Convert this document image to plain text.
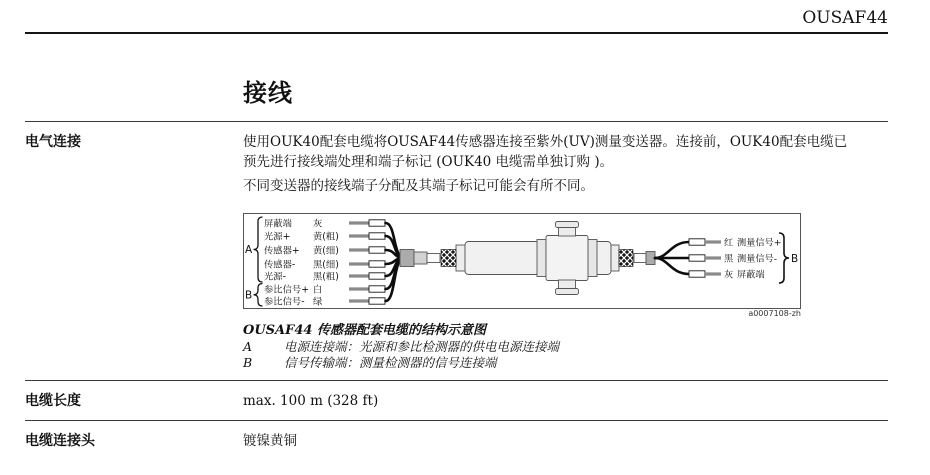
OUSAF44
接线
电气连接	使用OUK40配套电缆将OUSAF44传感器连接至紫外(UV)测量变送器。连接前，OUK40配套电缆已预先进行接线端处理和端子标记 (OUK40 电缆需单独订购 )。

不同变送器的接线端子分配及其端子标记可能会有所不同。

屏蔽端 灰
光源+ 黄(粗)
传感器+ 黄(细)
传感器- 黑(细)
光源-	黑(粗)
参比信号+ 白
参比信号- 绿
A
B
红 测量信号+
黑 测量信号-
灰 屏蔽端
B
a0007108-zh
OUSAF44 传感器配套电缆的结构示意图
A	电源连接端：光源和参比检测器的供电电源连接端
B	信号传输端：测量检测器的信号连接端
电缆长度	max. 100 m (328 ft)
电缆连接头	镀镍黄铜
